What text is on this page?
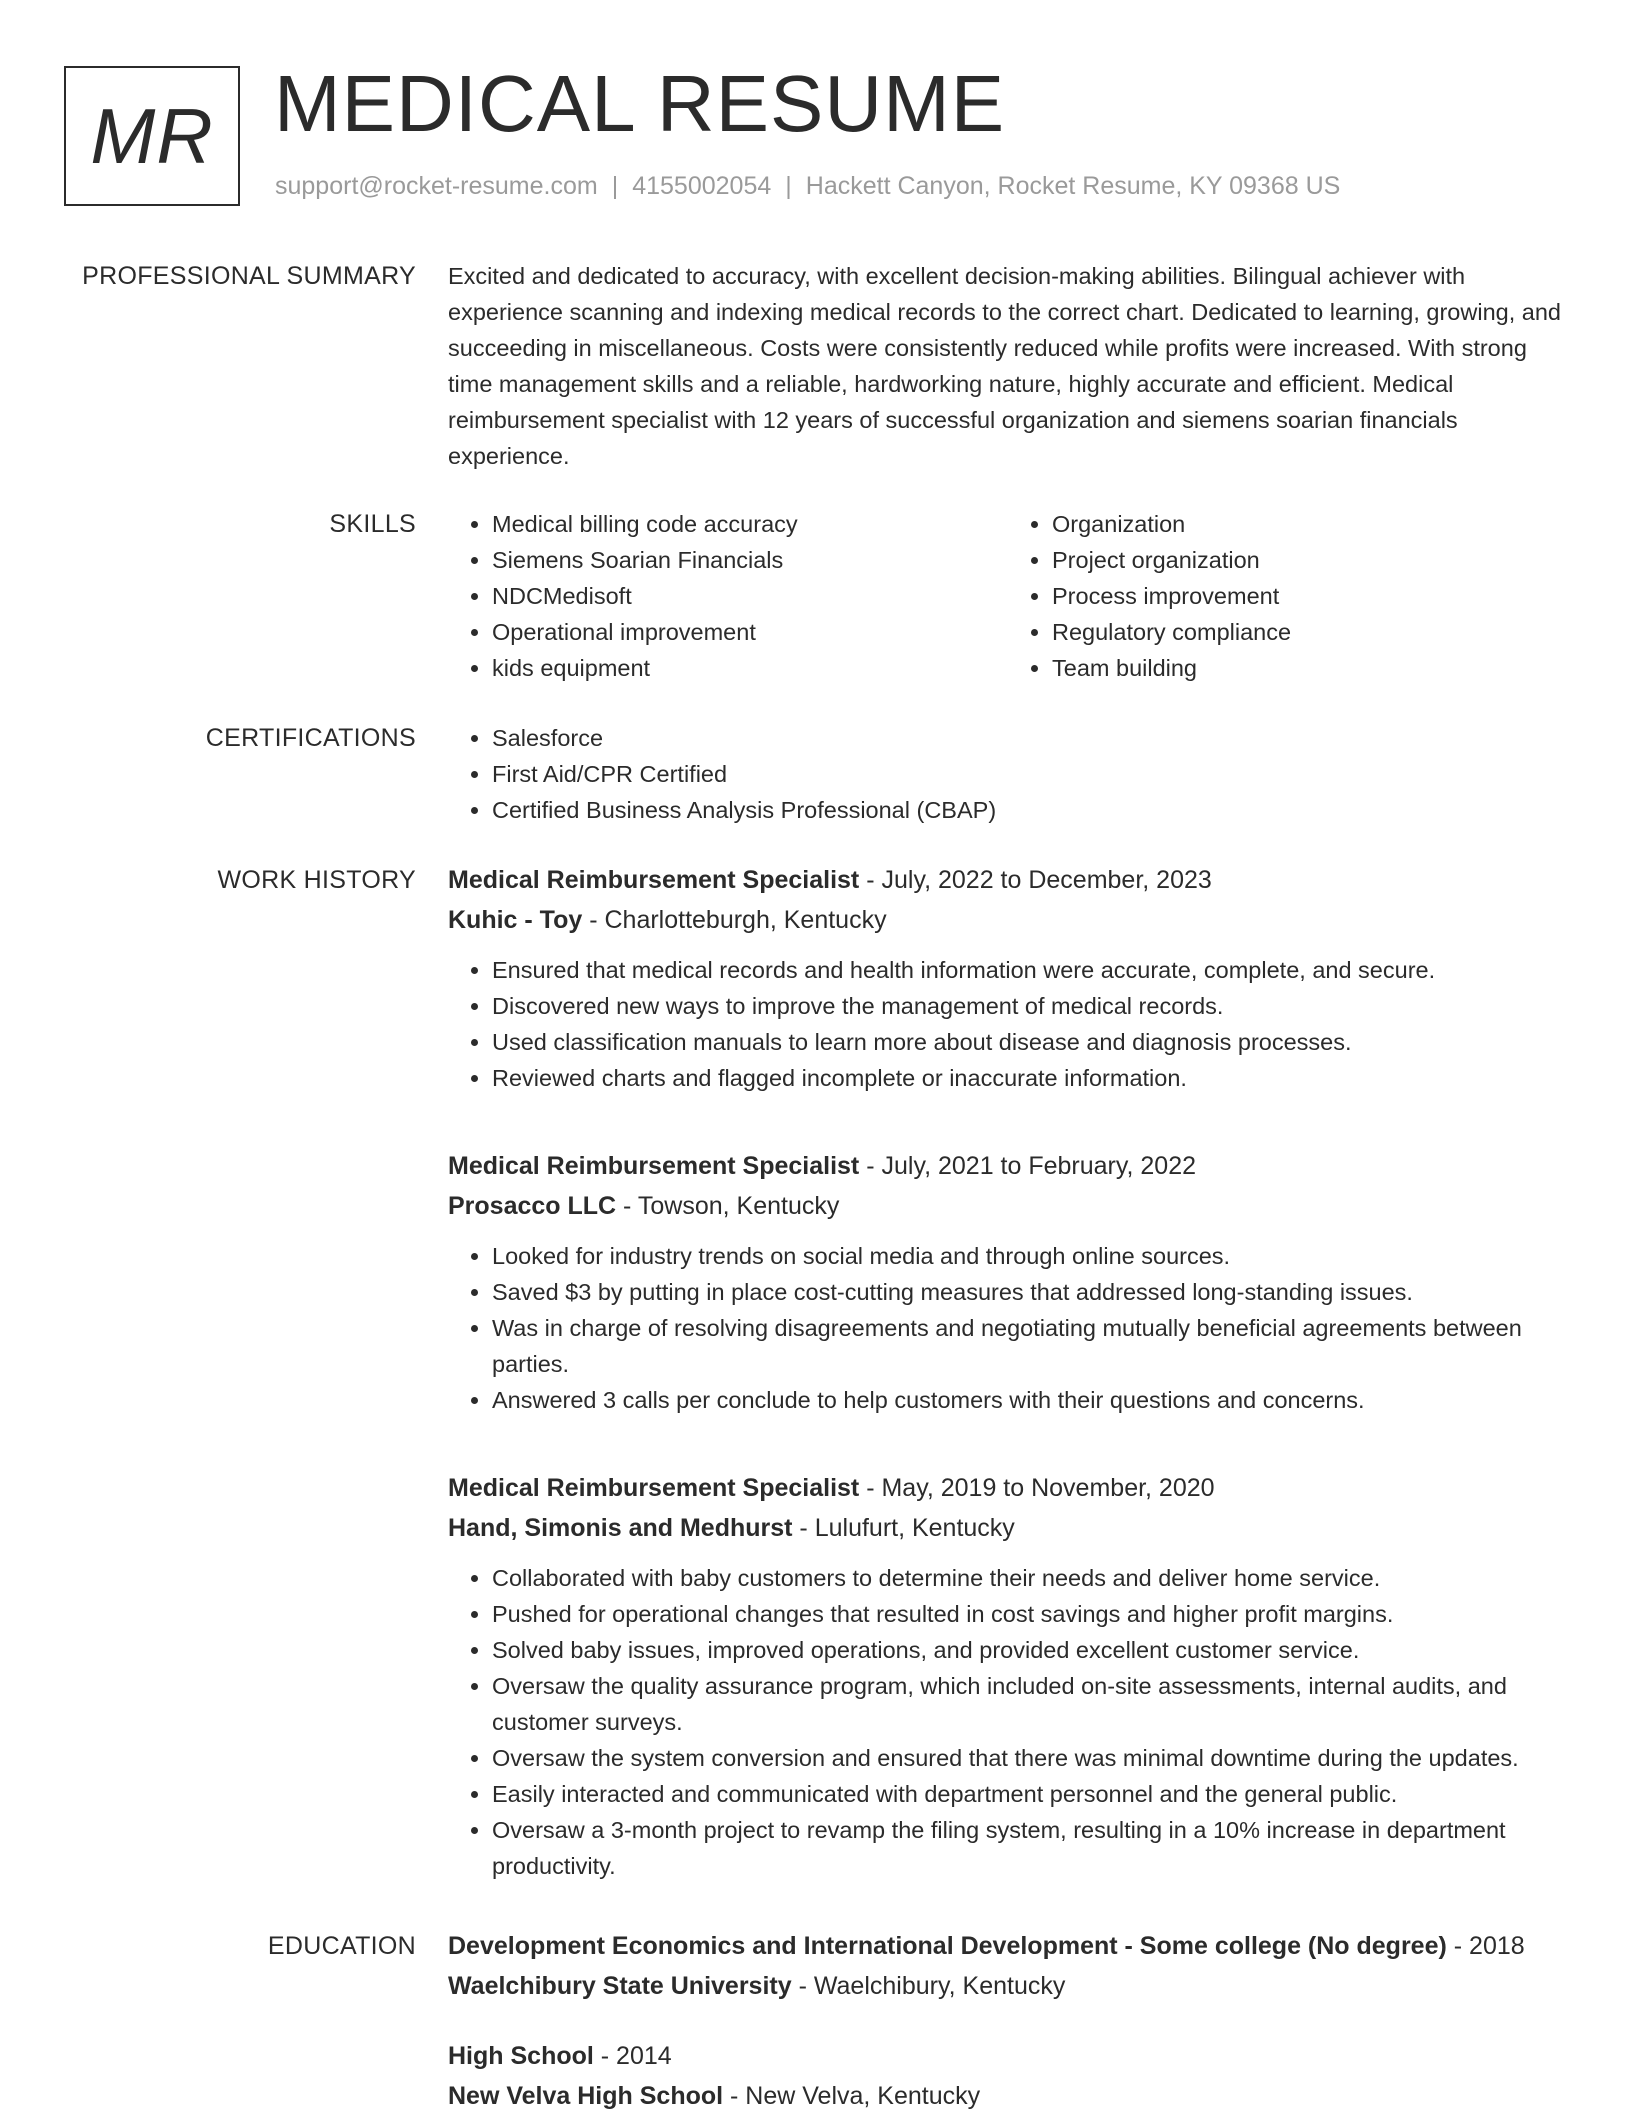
MR MEDICAL RESUME
support@rocket-resume.com | 4155002054 | Hackett Canyon, Rocket Resume, KY 09368 US
PROFESSIONAL SUMMARY Excited and dedicated to accuracy, with excellent decision-making abilities. Bilingual achiever with experience scanning and indexing medical records to the correct chart. Dedicated to learning, growing, and succeeding in miscellaneous. Costs were consistently reduced while profits were increased. With strong time management skills and a reliable, hardworking nature, highly accurate and efficient. Medical reimbursement specialist with 12 years of successful organization and siemens soarian financials experience.

SKILLS	• Medical billing code accuracy
• Siemens Soarian Financials
• NDCMedisoft
• Operational improvement
• kids equipment
• Organization
• Project organization
• Process improvement
• Regulatory compliance
• Team building
CERTIFICATIONS	• Salesforce
• First Aid/CPR Certified
• Certified Business Analysis Professional (CBAP)
WORK HISTORY Medical Reimbursement Specialist - July, 2022 to December, 2023
Kuhic - Toy - Charlotteburgh, Kentucky
• Ensured that medical records and health information were accurate, complete, and secure.
• Discovered new ways to improve the management of medical records.
• Used classification manuals to learn more about disease and diagnosis processes.
• Reviewed charts and flagged incomplete or inaccurate information.
Medical Reimbursement Specialist - July, 2021 to February, 2022
Prosacco LLC - Towson, Kentucky
• Looked for industry trends on social media and through online sources.
• Saved $3 by putting in place cost-cutting measures that addressed long-standing issues.
• Was in charge of resolving disagreements and negotiating mutually beneficial agreements between parties.
• Answered 3 calls per conclude to help customers with their questions and concerns.
Medical Reimbursement Specialist - May, 2019 to November, 2020
Hand, Simonis and Medhurst - Lulufurt, Kentucky
• Collaborated with baby customers to determine their needs and deliver home service.
• Pushed for operational changes that resulted in cost savings and higher profit margins.
• Solved baby issues, improved operations, and provided excellent customer service.
• Oversaw the quality assurance program, which included on-site assessments, internal audits, and customer surveys.
• Oversaw the system conversion and ensured that there was minimal downtime during the updates.
• Easily interacted and communicated with department personnel and the general public.
• Oversaw a 3-month project to revamp the filing system, resulting in a 10% increase in department productivity.
EDUCATION Development Economics and International Development - Some college (No degree) - 2018
Waelchibury State University - Waelchibury, Kentucky
High School - 2014
New Velva High School - New Velva, Kentucky
